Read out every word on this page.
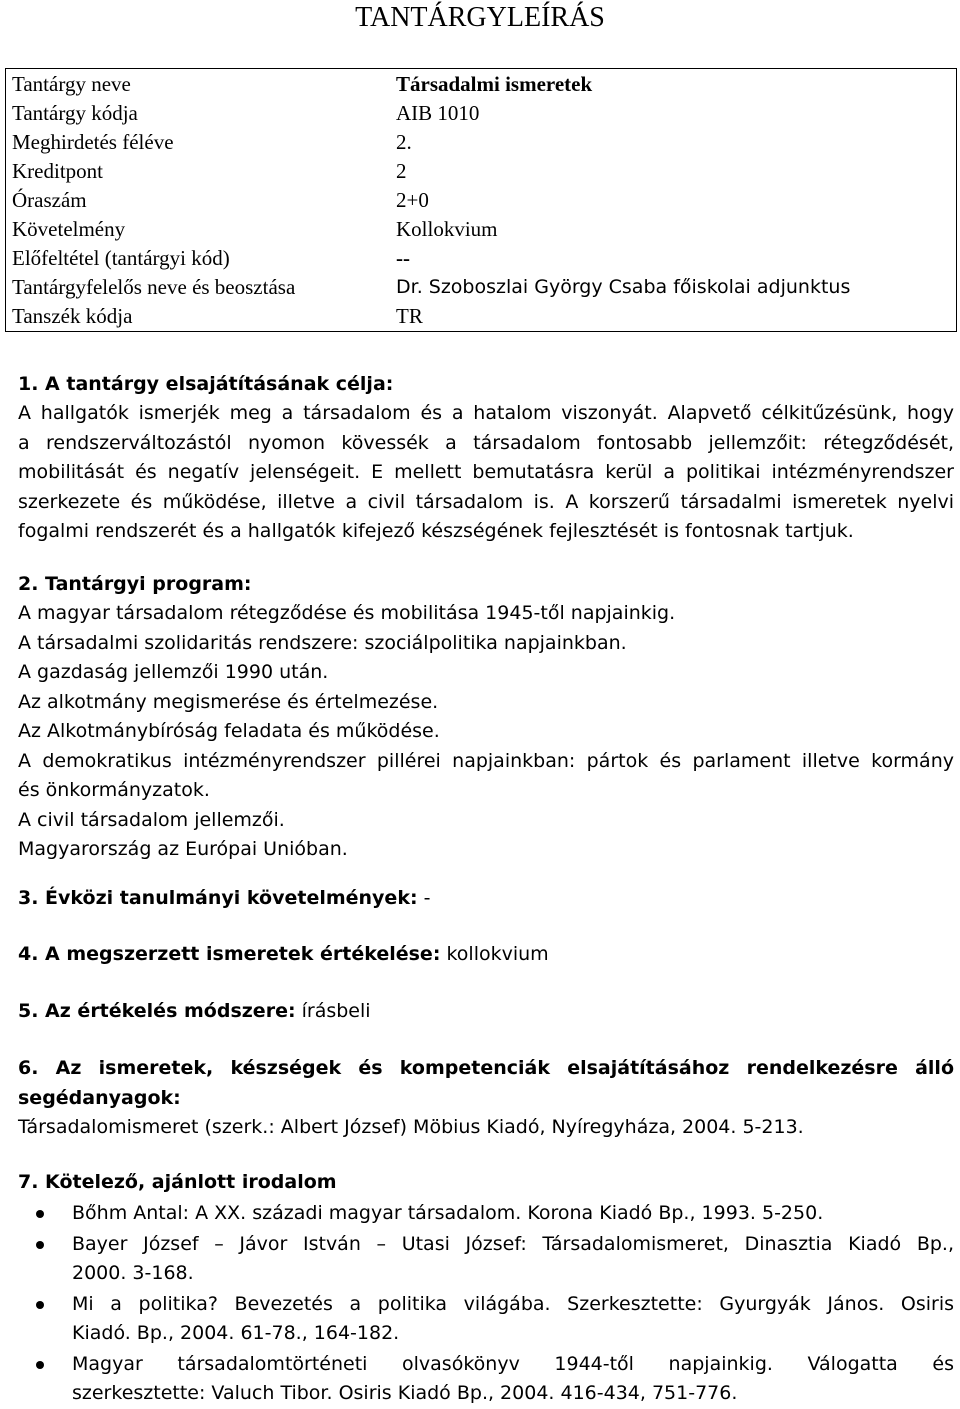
TANTÁRGYLEÍRÁS
Tantárgy neve	Társadalmi ismeretek
Tantárgy kódja	AIB 1010
Meghirdetés féléve	2.
Kreditpont	2
Óraszám	2+0
Követelmény	Kollokvium
Előfeltétel (tantárgyi kód)	--
Tantárgyfelelős neve és beosztása	Dr. Szoboszlai György Csaba főiskolai adjunktus
Tanszék kódja	TR
1. A tantárgy elsajátításának célja:
A hallgatók ismerjék meg a társadalom és a hatalom viszonyát. Alapvető célkitűzésünk, hogy
a rendszerváltozástól nyomon kövessék a társadalom fontosabb jellemzőit: rétegződését,
mobilitását és negatív jelenségeit. E mellett bemutatásra kerül a politikai intézményrendszer
szerkezete és működése, illetve a civil társadalom is. A korszerű társadalmi ismeretek nyelvi
fogalmi rendszerét és a hallgatók kifejező készségének fejlesztését is fontosnak tartjuk.
2. Tantárgyi program:
A magyar társadalom rétegződése és mobilitása 1945-től napjainkig.
A társadalmi szolidaritás rendszere: szociálpolitika napjainkban.
A gazdaság jellemzői 1990 után.
Az alkotmány megismerése és értelmezése.
Az Alkotmánybíróság feladata és működése.
A demokratikus intézményrendszer pillérei napjainkban: pártok és parlament illetve kormány
és önkormányzatok.
A civil társadalom jellemzői.
Magyarország az Európai Unióban.
3. Évközi tanulmányi követelmények: -
4. A megszerzett ismeretek értékelése: kollokvium
5. Az értékelés módszere: írásbeli
6. Az ismeretek, készségek és kompetenciák elsajátításához rendelkezésre álló
segédanyagok:
Társadalomismeret (szerk.: Albert József) Möbius Kiadó, Nyíregyháza, 2004. 5-213.
7. Kötelező, ajánlott irodalom
Bőhm Antal: A XX. századi magyar társadalom. Korona Kiadó Bp., 1993. 5-250.
Bayer József – Jávor István – Utasi József: Társadalomismeret, Dinasztia Kiadó Bp.,
2000. 3-168.
Mi a politika? Bevezetés a politika világába. Szerkesztette: Gyurgyák János. Osiris
Kiadó. Bp., 2004. 61-78., 164-182.
Magyar társadalomtörténeti olvasókönyv 1944-től napjainkig. Válogatta és
szerkesztette: Valuch Tibor. Osiris Kiadó Bp., 2004. 416-434, 751-776.
